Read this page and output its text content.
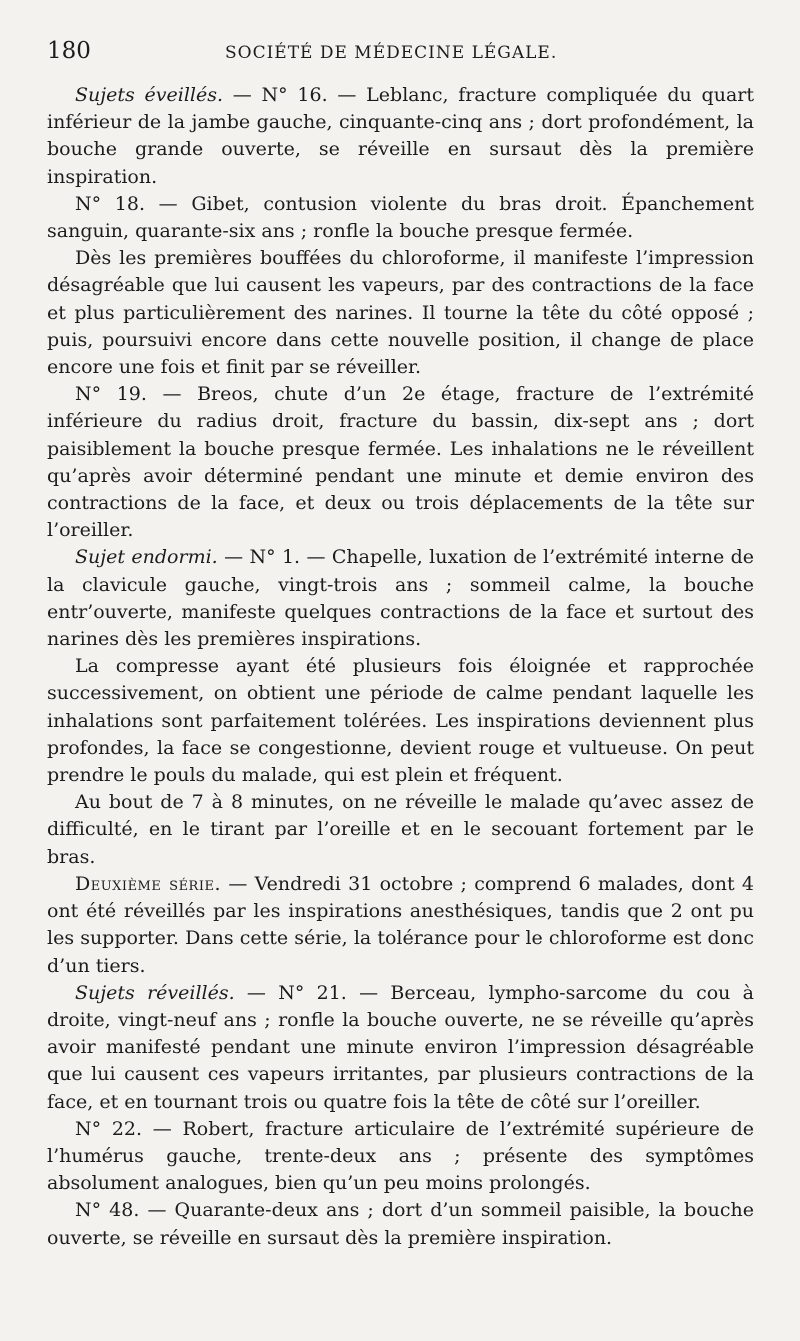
180	SOCIÉTÉ DE MÉDECINE LÉGALE.

Sujets éveillés. — N° 16. — Leblanc, fracture compliquée du quart inférieur de la jambe gauche, cinquante-cinq ans ; dort profondément, la bouche grande ouverte, se réveille en sursaut dès la première inspiration.

N° 18. — Gibet, contusion violente du bras droit. Épanchement sanguin, quarante-six ans ; ronfle la bouche presque fermée.

Dès les premières bouffées du chloroforme, il manifeste l’impression désagréable que lui causent les vapeurs, par des contractions de la face et plus particulièrement des narines. Il tourne la tête du côté opposé ; puis, poursuivi encore dans cette nouvelle position, il change de place encore une fois et finit par se réveiller.

N° 19. — Breos, chute d’un 2e étage, fracture de l’extrémité inférieure du radius droit, fracture du bassin, dix-sept ans ; dort paisiblement la bouche presque fermée. Les inhalations ne le réveillent qu’après avoir déterminé pendant une minute et demie environ des contractions de la face, et deux ou trois déplacements de la tête sur l’oreiller.

Sujet endormi. — N° 1. — Chapelle, luxation de l’extrémité interne de la clavicule gauche, vingt-trois ans ; sommeil calme, la bouche entr’ouverte, manifeste quelques contractions de la face et surtout des narines dès les premières inspirations.

La compresse ayant été plusieurs fois éloignée et rapprochée successivement, on obtient une période de calme pendant laquelle les inhalations sont parfaitement tolérées. Les inspirations deviennent plus profondes, la face se congestionne, devient rouge et vultueuse. On peut prendre le pouls du malade, qui est plein et fréquent.

Au bout de 7 à 8 minutes, on ne réveille le malade qu’avec assez de difficulté, en le tirant par l’oreille et en le secouant fortement par le bras.

Deuxième série. — Vendredi 31 octobre ; comprend 6 malades, dont 4 ont été réveillés par les inspirations anesthésiques, tandis que 2 ont pu les supporter. Dans cette série, la tolérance pour le chloroforme est donc d’un tiers.

Sujets réveillés. — N° 21. — Berceau, lympho-sarcome du cou à droite, vingt-neuf ans ; ronfle la bouche ouverte, ne se réveille qu’après avoir manifesté pendant une minute environ l’impression désagréable que lui causent ces vapeurs irritantes, par plusieurs contractions de la face, et en tournant trois ou quatre fois la tête de côté sur l’oreiller.

N° 22. — Robert, fracture articulaire de l’extrémité supérieure de l’humérus gauche, trente-deux ans ; présente des symptômes absolument analogues, bien qu’un peu moins prolongés.

N° 48. — Quarante-deux ans ; dort d’un sommeil paisible, la bouche ouverte, se réveille en sursaut dès la première inspiration.
